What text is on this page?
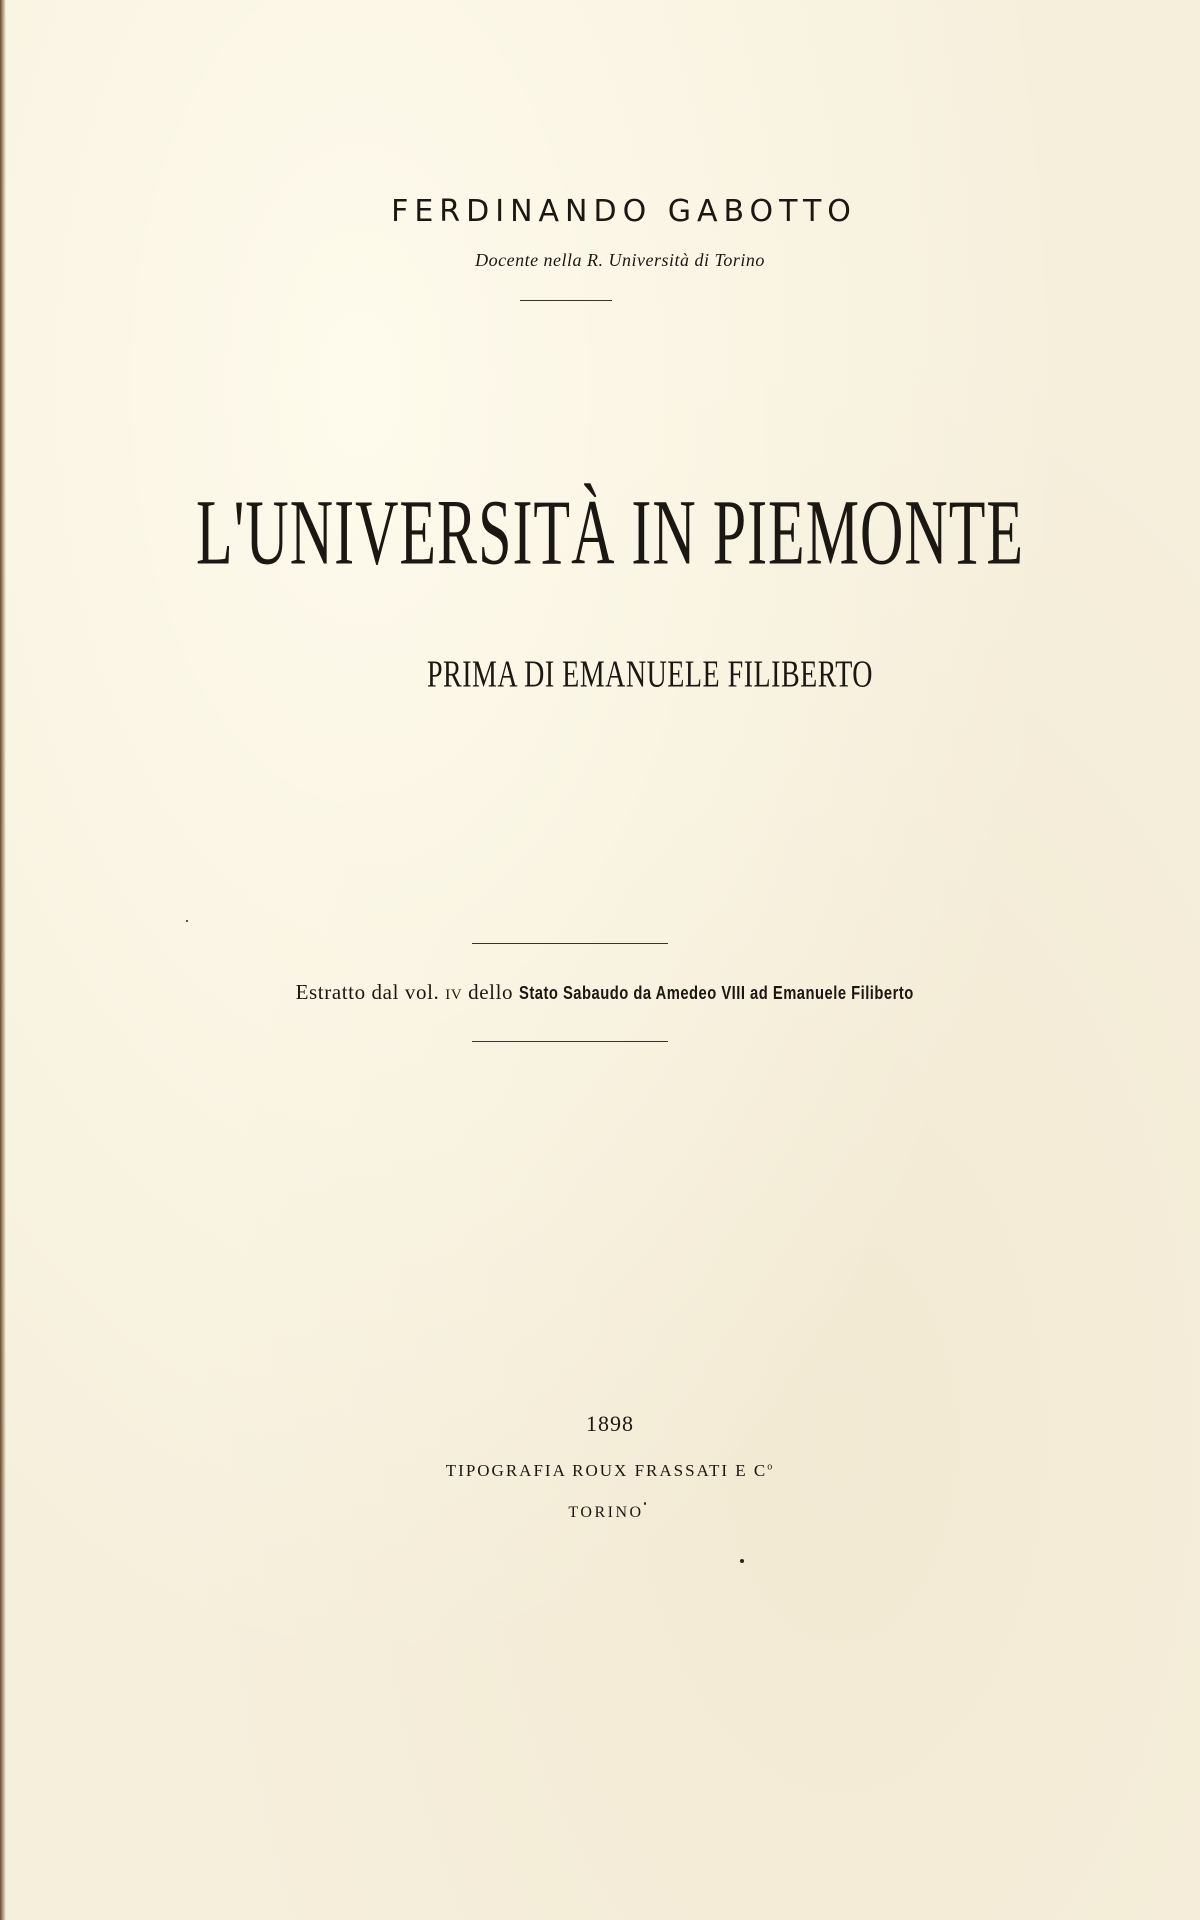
FERDINANDO GABOTTO
Docente nella R. Università di Torino
L'UNIVERSITÀ IN PIEMONTE
PRIMA DI EMANUELE FILIBERTO
Estratto dal vol. iv dello Stato Sabaudo da Amedeo VIII ad Emanuele Filiberto
1898
TIPOGRAFIA ROUX FRASSATI E $C^o$
TORINO
